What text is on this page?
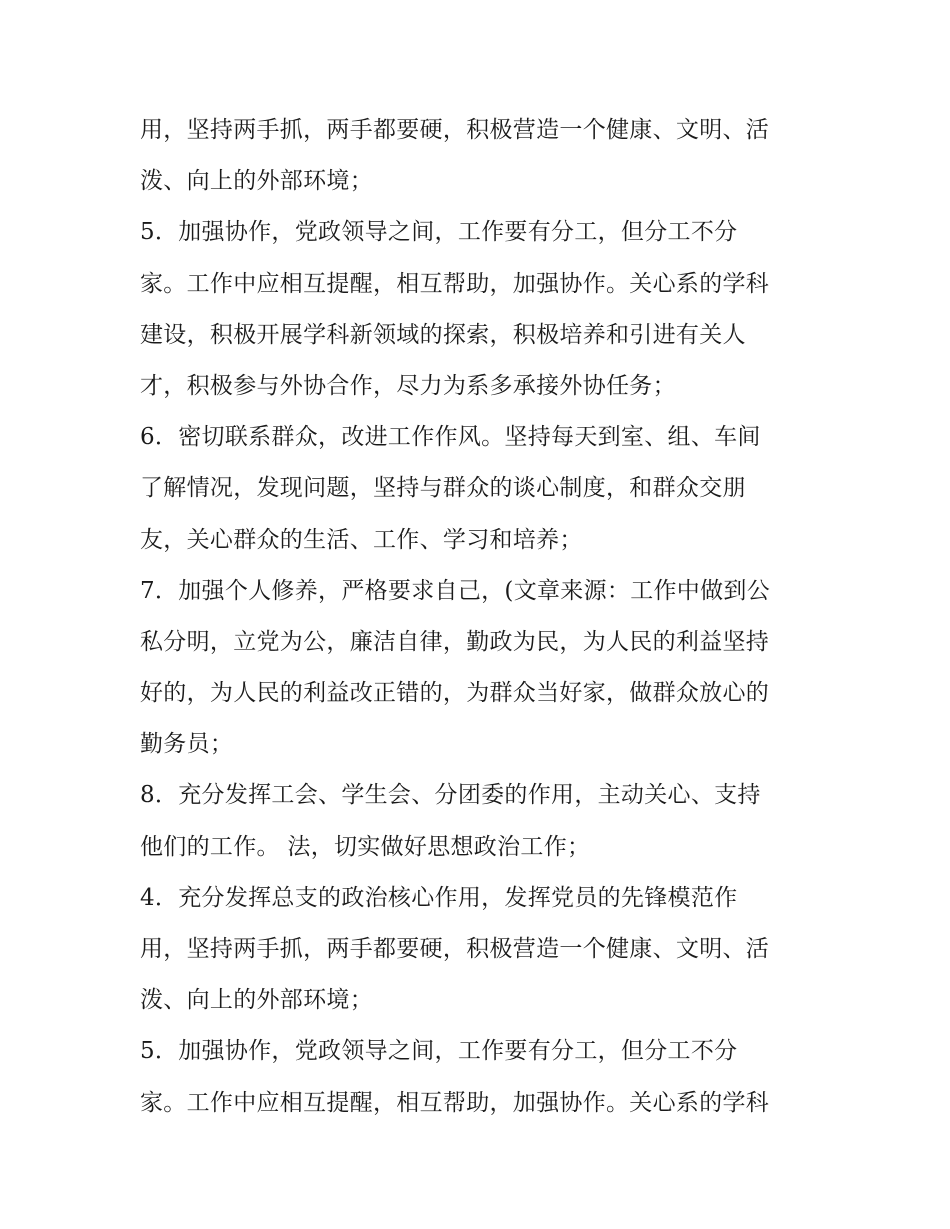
用，坚持两手抓，两手都要硬，积极营造一个健康、文明、活
泼、向上的外部环境；
5．加强协作，党政领导之间，工作要有分工，但分工不分
家。工作中应相互提醒，相互帮助，加强协作。关心系的学科
建设，积极开展学科新领域的探索，积极培养和引进有关人
才，积极参与外协合作，尽力为系多承接外协任务；
6．密切联系群众，改进工作作风。坚持每天到室、组、车间
了解情况，发现问题，坚持与群众的谈心制度，和群众交朋
友，关心群众的生活、工作、学习和培养；
7．加强个人修养，严格要求自己，(文章来源：工作中做到公
私分明，立党为公，廉洁自律，勤政为民，为人民的利益坚持
好的，为人民的利益改正错的，为群众当好家，做群众放心的
勤务员；
8．充分发挥工会、学生会、分团委的作用，主动关心、支持
他们的工作。 法，切实做好思想政治工作；
4．充分发挥总支的政治核心作用，发挥党员的先锋模范作
用，坚持两手抓，两手都要硬，积极营造一个健康、文明、活
泼、向上的外部环境；
5．加强协作，党政领导之间，工作要有分工，但分工不分
家。工作中应相互提醒，相互帮助，加强协作。关心系的学科
